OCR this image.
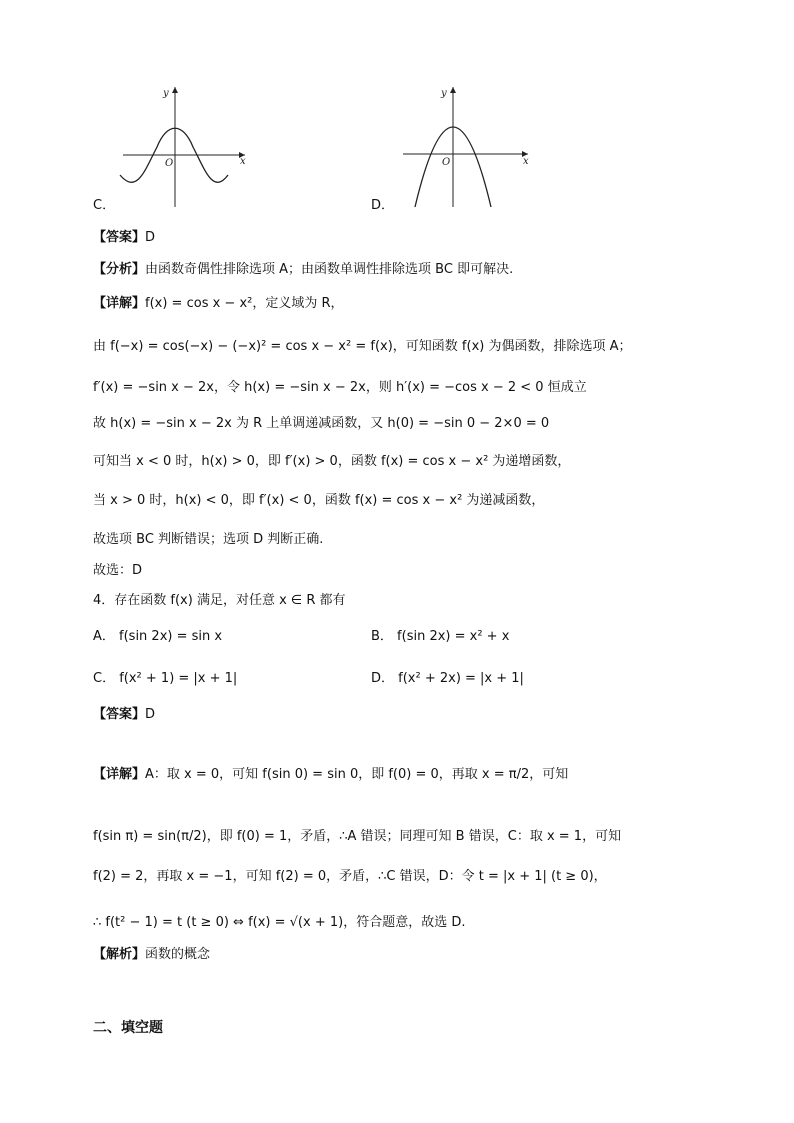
y
x
O
C．
y
x
O
D．
【答案】D
【分析】由函数奇偶性排除选项 A；由函数单调性排除选项 BC 即可解决.
【详解】f(x) = cos x − x²，定义域为 R，
由 f(−x) = cos(−x) − (−x)² = cos x − x² = f(x)，可知函数 f(x) 为偶函数，排除选项 A；
f′(x) = −sin x − 2x，令 h(x) = −sin x − 2x，则 h′(x) = −cos x − 2 < 0 恒成立
故 h(x) = −sin x − 2x 为 R 上单调递减函数，又 h(0) = −sin 0 − 2×0 = 0
可知当 x < 0 时，h(x) > 0，即 f′(x) > 0，函数 f(x) = cos x − x² 为递增函数，
当 x > 0 时，h(x) < 0，即 f′(x) < 0，函数 f(x) = cos x − x² 为递减函数，
故选项 BC 判断错误；选项 D 判断正确.
故选：D
4．存在函数 f(x) 满足，对任意 x ∈ R 都有
A． f(sin 2x) = sin x	B． f(sin 2x) = x² + x
C． f(x² + 1) = |x + 1|	D． f(x² + 2x) = |x + 1|
【答案】D
【详解】A：取 x = 0，可知 f(sin 0) = sin 0，即 f(0) = 0，再取 x = π/2，可知
f(sin π) = sin(π/2)，即 f(0) = 1，矛盾，∴A 错误；同理可知 B 错误，C：取 x = 1，可知
f(2) = 2，再取 x = −1，可知 f(2) = 0，矛盾，∴C 错误，D：令 t = |x + 1| (t ≥ 0)，
∴ f(t² − 1) = t (t ≥ 0) ⇔ f(x) = √(x + 1)，符合题意，故选 D.
【解析】函数的概念
二、填空题
